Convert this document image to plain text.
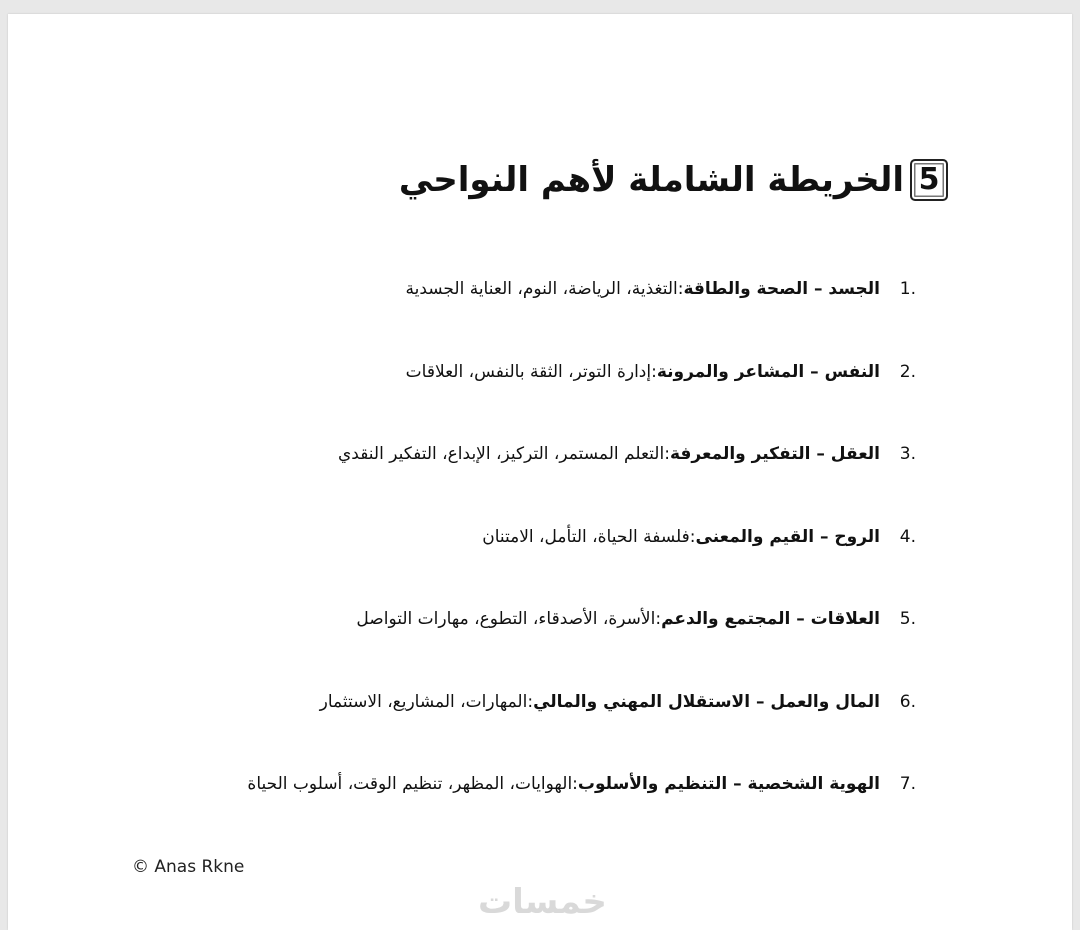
5
الخريطة الشاملة لأهم النواحي
1.
الجسد – الصحة والطاقة
:
التغذية، الرياضة، النوم، العناية الجسدية
2.
النفس – المشاعر والمرونة
:
إدارة التوتر، الثقة بالنفس، العلاقات
3.
العقل – التفكير والمعرفة
:
التعلم المستمر، التركيز، الإبداع، التفكير النقدي
4.
الروح – القيم والمعنى
:
فلسفة الحياة، التأمل، الامتنان
5.
العلاقات – المجتمع والدعم
:
الأسرة، الأصدقاء، التطوع، مهارات التواصل
6.
المال والعمل – الاستقلال المهني والمالي
:
المهارات، المشاريع، الاستثمار
7.
الهوية الشخصية – التنظيم والأسلوب
:
الهوايات، المظهر، تنظيم الوقت، أسلوب الحياة
© Anas Rkne
خمسات
